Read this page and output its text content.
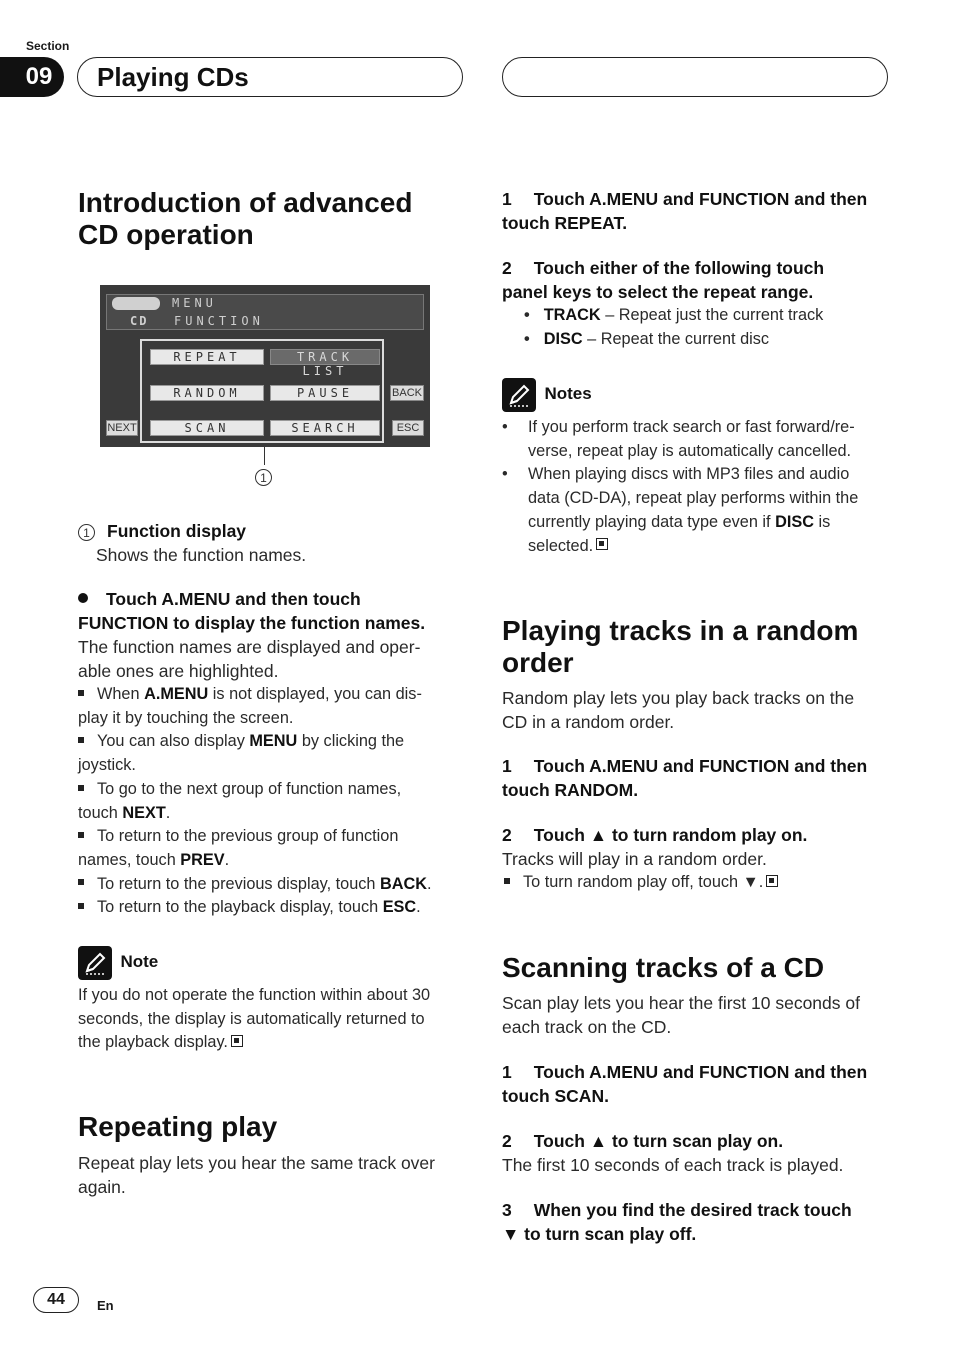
Section
09	Playing CDs
Introduction of advanced
CD operation
MENU
CD FUNCTION
REPEAT	TRACK LIST
RANDOM	PAUSE
SCAN	SEARCH
NEXT
BACK
ESC
1
1 Function display
Shows the function names.
Touch A.MENU and then touch
FUNCTION to display the function names.
The function names are displayed and oper-
able ones are highlighted.
When A.MENU is not displayed, you can dis-
play it by touching the screen.
You can also display MENU by clicking the
joystick.
To go to the next group of function names,
touch NEXT.
To return to the previous group of function
names, touch PREV.
To return to the previous display, touch BACK.
To return to the playback display, touch ESC.
Note
If you do not operate the function within about 30
seconds, the display is automatically returned to
the playback display.
Repeating play
Repeat play lets you hear the same track over
again.
1 Touch A.MENU and FUNCTION and then
touch REPEAT.
2 Touch either of the following touch
panel keys to select the repeat range.
• TRACK – Repeat just the current track
• DISC – Repeat the current disc
Notes
• If you perform track search or fast forward/re-
verse, repeat play is automatically cancelled.
• When playing discs with MP3 files and audio
data (CD-DA), repeat play performs within the
currently playing data type even if DISC is
selected.
Playing tracks in a random
order
Random play lets you play back tracks on the
CD in a random order.
1 Touch A.MENU and FUNCTION and then
touch RANDOM.
2 Touch ▲ to turn random play on.
Tracks will play in a random order.
To turn random play off, touch ▼.
Scanning tracks of a CD
Scan play lets you hear the first 10 seconds of
each track on the CD.
1 Touch A.MENU and FUNCTION and then
touch SCAN.
2 Touch ▲ to turn scan play on.
The first 10 seconds of each track is played.
3 When you find the desired track touch
▼ to turn scan play off.
44	En
